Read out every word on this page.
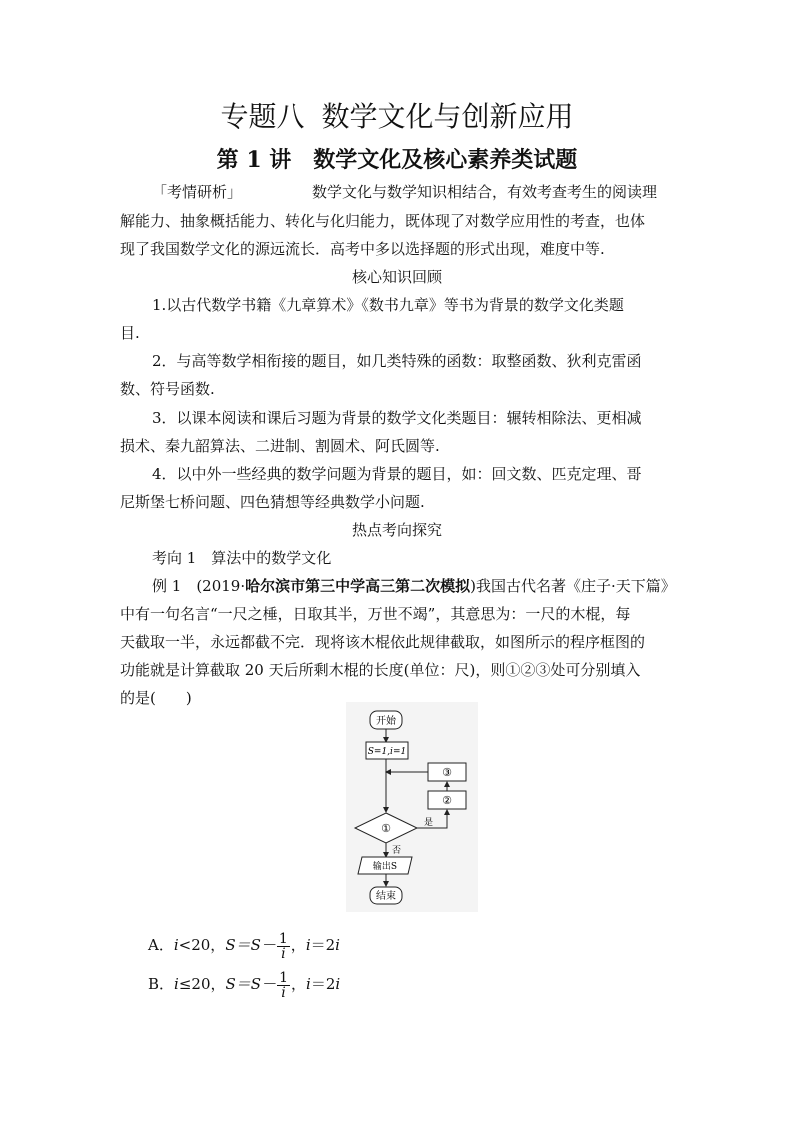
专题八 数学文化与创新应用
第 1 讲　数学文化及核心素养类试题
「考情研析」	数学文化与数学知识相结合，有效考查考生的阅读理
解能力、抽象概括能力、转化与化归能力，既体现了对数学应用性的考查，也体
现了我国数学文化的源远流长．高考中多以选择题的形式出现，难度中等.
核心知识回顾
1.以古代数学书籍《九章算术》《数书九章》等书为背景的数学文化类题
目.
2．与高等数学相衔接的题目，如几类特殊的函数：取整函数、狄利克雷函
数、符号函数.
3．以课本阅读和课后习题为背景的数学文化类题目：辗转相除法、更相减
损术、秦九韶算法、二进制、割圆术、阿氏圆等.
4．以中外一些经典的数学问题为背景的题目，如：回文数、匹克定理、哥
尼斯堡七桥问题、四色猜想等经典数学小问题.
热点考向探究
考向 1　算法中的数学文化
例 1　 (2019·哈尔滨市第三中学高三第二次模拟)我国古代名著《庄子·天下篇》
中有一句名言“一尺之棰，日取其半，万世不竭”，其意思为：一尺的木棍，每
天截取一半，永远都截不完．现将该木棍依此规律截取，如图所示的程序框图的
功能就是计算截取 20 天后所剩木棍的长度(单位：尺)，则①②③处可分别填入
的是(　　)
开始
S=1,i=1
③
②
①	是
否
输出S
结束
A．i<20，$S=S- \frac{1}{i}$ ，i＝2i
B．i≤20，$S=S- \frac{1}{i}$ ，i＝2i
